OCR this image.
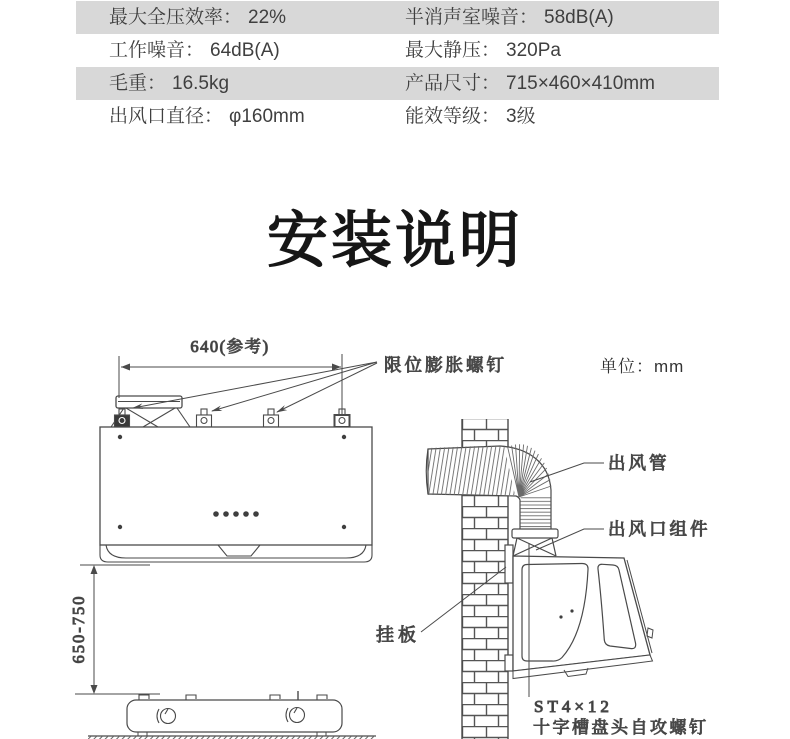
最大全压效率： 22%	半消声室噪音： 58dB(A)
工作噪音： 64dB(A)	最大静压： 320Pa
毛重： 16.5kg	产品尺寸： 715×460×410mm
出风口直径： φ160mm	能效等级： 3级
安装说明
640(参考)
限位膨胀螺钉	单位：mm
650-750
出风管
出风口组件
挂板
ST4×12
十字槽盘头自攻螺钉
